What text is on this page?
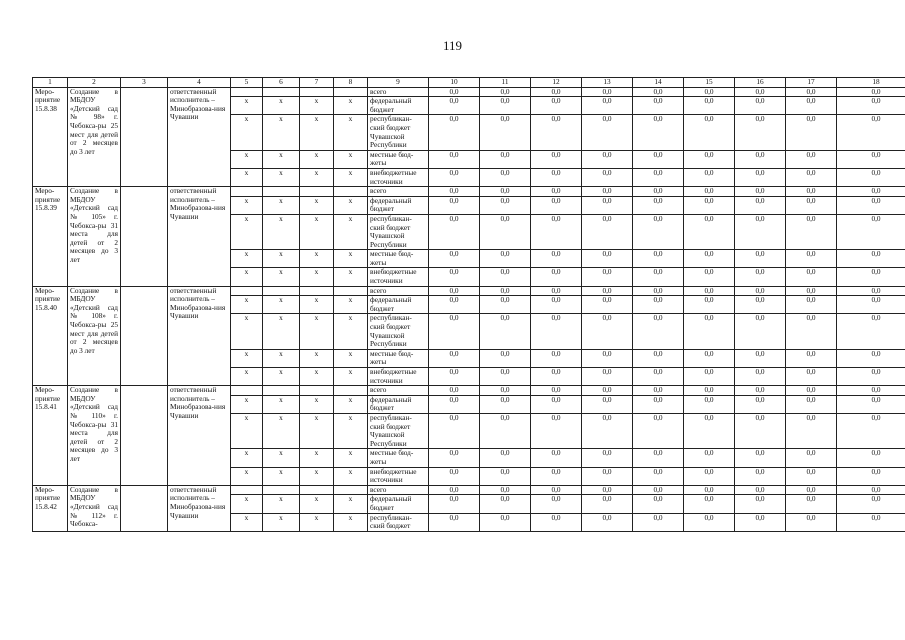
119
1	2	3	4	5	6	7	8	9	10	11	12	13	14	15	16	17	18
Меро-приятие 15.8.38	Создание в МБДОУ «Детский сад № 98» г. Чебокса-ры 25 мест для детей от 2 месяцев до 3 лет		ответственный исполнитель – Минобразова-ния Чувашии					всего	0,0	0,0	0,0	0,0	0,0	0,0	0,0	0,0	0,0
				x	x	x	x	федеральный бюджет	0,0	0,0	0,0	0,0	0,0	0,0	0,0	0,0	0,0
				x	x	x	x	республикан-ский бюджет Чувашской Республики	0,0	0,0	0,0	0,0	0,0	0,0	0,0	0,0	0,0
				x	x	x	x	местные бюд-жеты	0,0	0,0	0,0	0,0	0,0	0,0	0,0	0,0	0,0
				x	x	x	x	внебюджетные источники	0,0	0,0	0,0	0,0	0,0	0,0	0,0	0,0	0,0
Меро-приятие 15.8.39	Создание в МБДОУ «Детский сад № 105» г. Чебокса-ры 31 места для детей от 2 месяцев до 3 лет		ответственный исполнитель – Минобразова-ния Чувашии					всего	0,0	0,0	0,0	0,0	0,0	0,0	0,0	0,0	0,0
				x	x	x	x	федеральный бюджет	0,0	0,0	0,0	0,0	0,0	0,0	0,0	0,0	0,0
				x	x	x	x	республикан-ский бюджет Чувашской Республики	0,0	0,0	0,0	0,0	0,0	0,0	0,0	0,0	0,0
				x	x	x	x	местные бюд-жеты	0,0	0,0	0,0	0,0	0,0	0,0	0,0	0,0	0,0
				x	x	x	x	внебюджетные источники	0,0	0,0	0,0	0,0	0,0	0,0	0,0	0,0	0,0
Меро-приятие 15.8.40	Создание в МБДОУ «Детский сад № 108» г. Чебокса-ры 25 мест для детей от 2 месяцев до 3 лет		ответственный исполнитель – Минобразова-ния Чувашии					всего	0,0	0,0	0,0	0,0	0,0	0,0	0,0	0,0	0,0
				x	x	x	x	федеральный бюджет	0,0	0,0	0,0	0,0	0,0	0,0	0,0	0,0	0,0
				x	x	x	x	республикан-ский бюджет Чувашской Республики	0,0	0,0	0,0	0,0	0,0	0,0	0,0	0,0	0,0
				x	x	x	x	местные бюд-жеты	0,0	0,0	0,0	0,0	0,0	0,0	0,0	0,0	0,0
				x	x	x	x	внебюджетные источники	0,0	0,0	0,0	0,0	0,0	0,0	0,0	0,0	0,0
Меро-приятие 15.8.41	Создание в МБДОУ «Детский сад № 110» г. Чебокса-ры 31 места для детей от 2 месяцев до 3 лет		ответственный исполнитель – Минобразова-ния Чувашии					всего	0,0	0,0	0,0	0,0	0,0	0,0	0,0	0,0	0,0
				x	x	x	x	федеральный бюджет	0,0	0,0	0,0	0,0	0,0	0,0	0,0	0,0	0,0
				x	x	x	x	республикан-ский бюджет Чувашской Республики	0,0	0,0	0,0	0,0	0,0	0,0	0,0	0,0	0,0
				x	x	x	x	местные бюд-жеты	0,0	0,0	0,0	0,0	0,0	0,0	0,0	0,0	0,0
				x	x	x	x	внебюджетные источники	0,0	0,0	0,0	0,0	0,0	0,0	0,0	0,0	0,0
Меро-приятие 15.8.42	Создание в МБДОУ «Детский сад № 112» г. Чебокса-		ответственный исполнитель – Минобразова-ния Чувашии					всего	0,0	0,0	0,0	0,0	0,0	0,0	0,0	0,0	0,0
				x	x	x	x	федеральный бюджет	0,0	0,0	0,0	0,0	0,0	0,0	0,0	0,0	0,0
				x	x	x	x	республикан-ский бюджет	0,0	0,0	0,0	0,0	0,0	0,0	0,0	0,0	0,0
